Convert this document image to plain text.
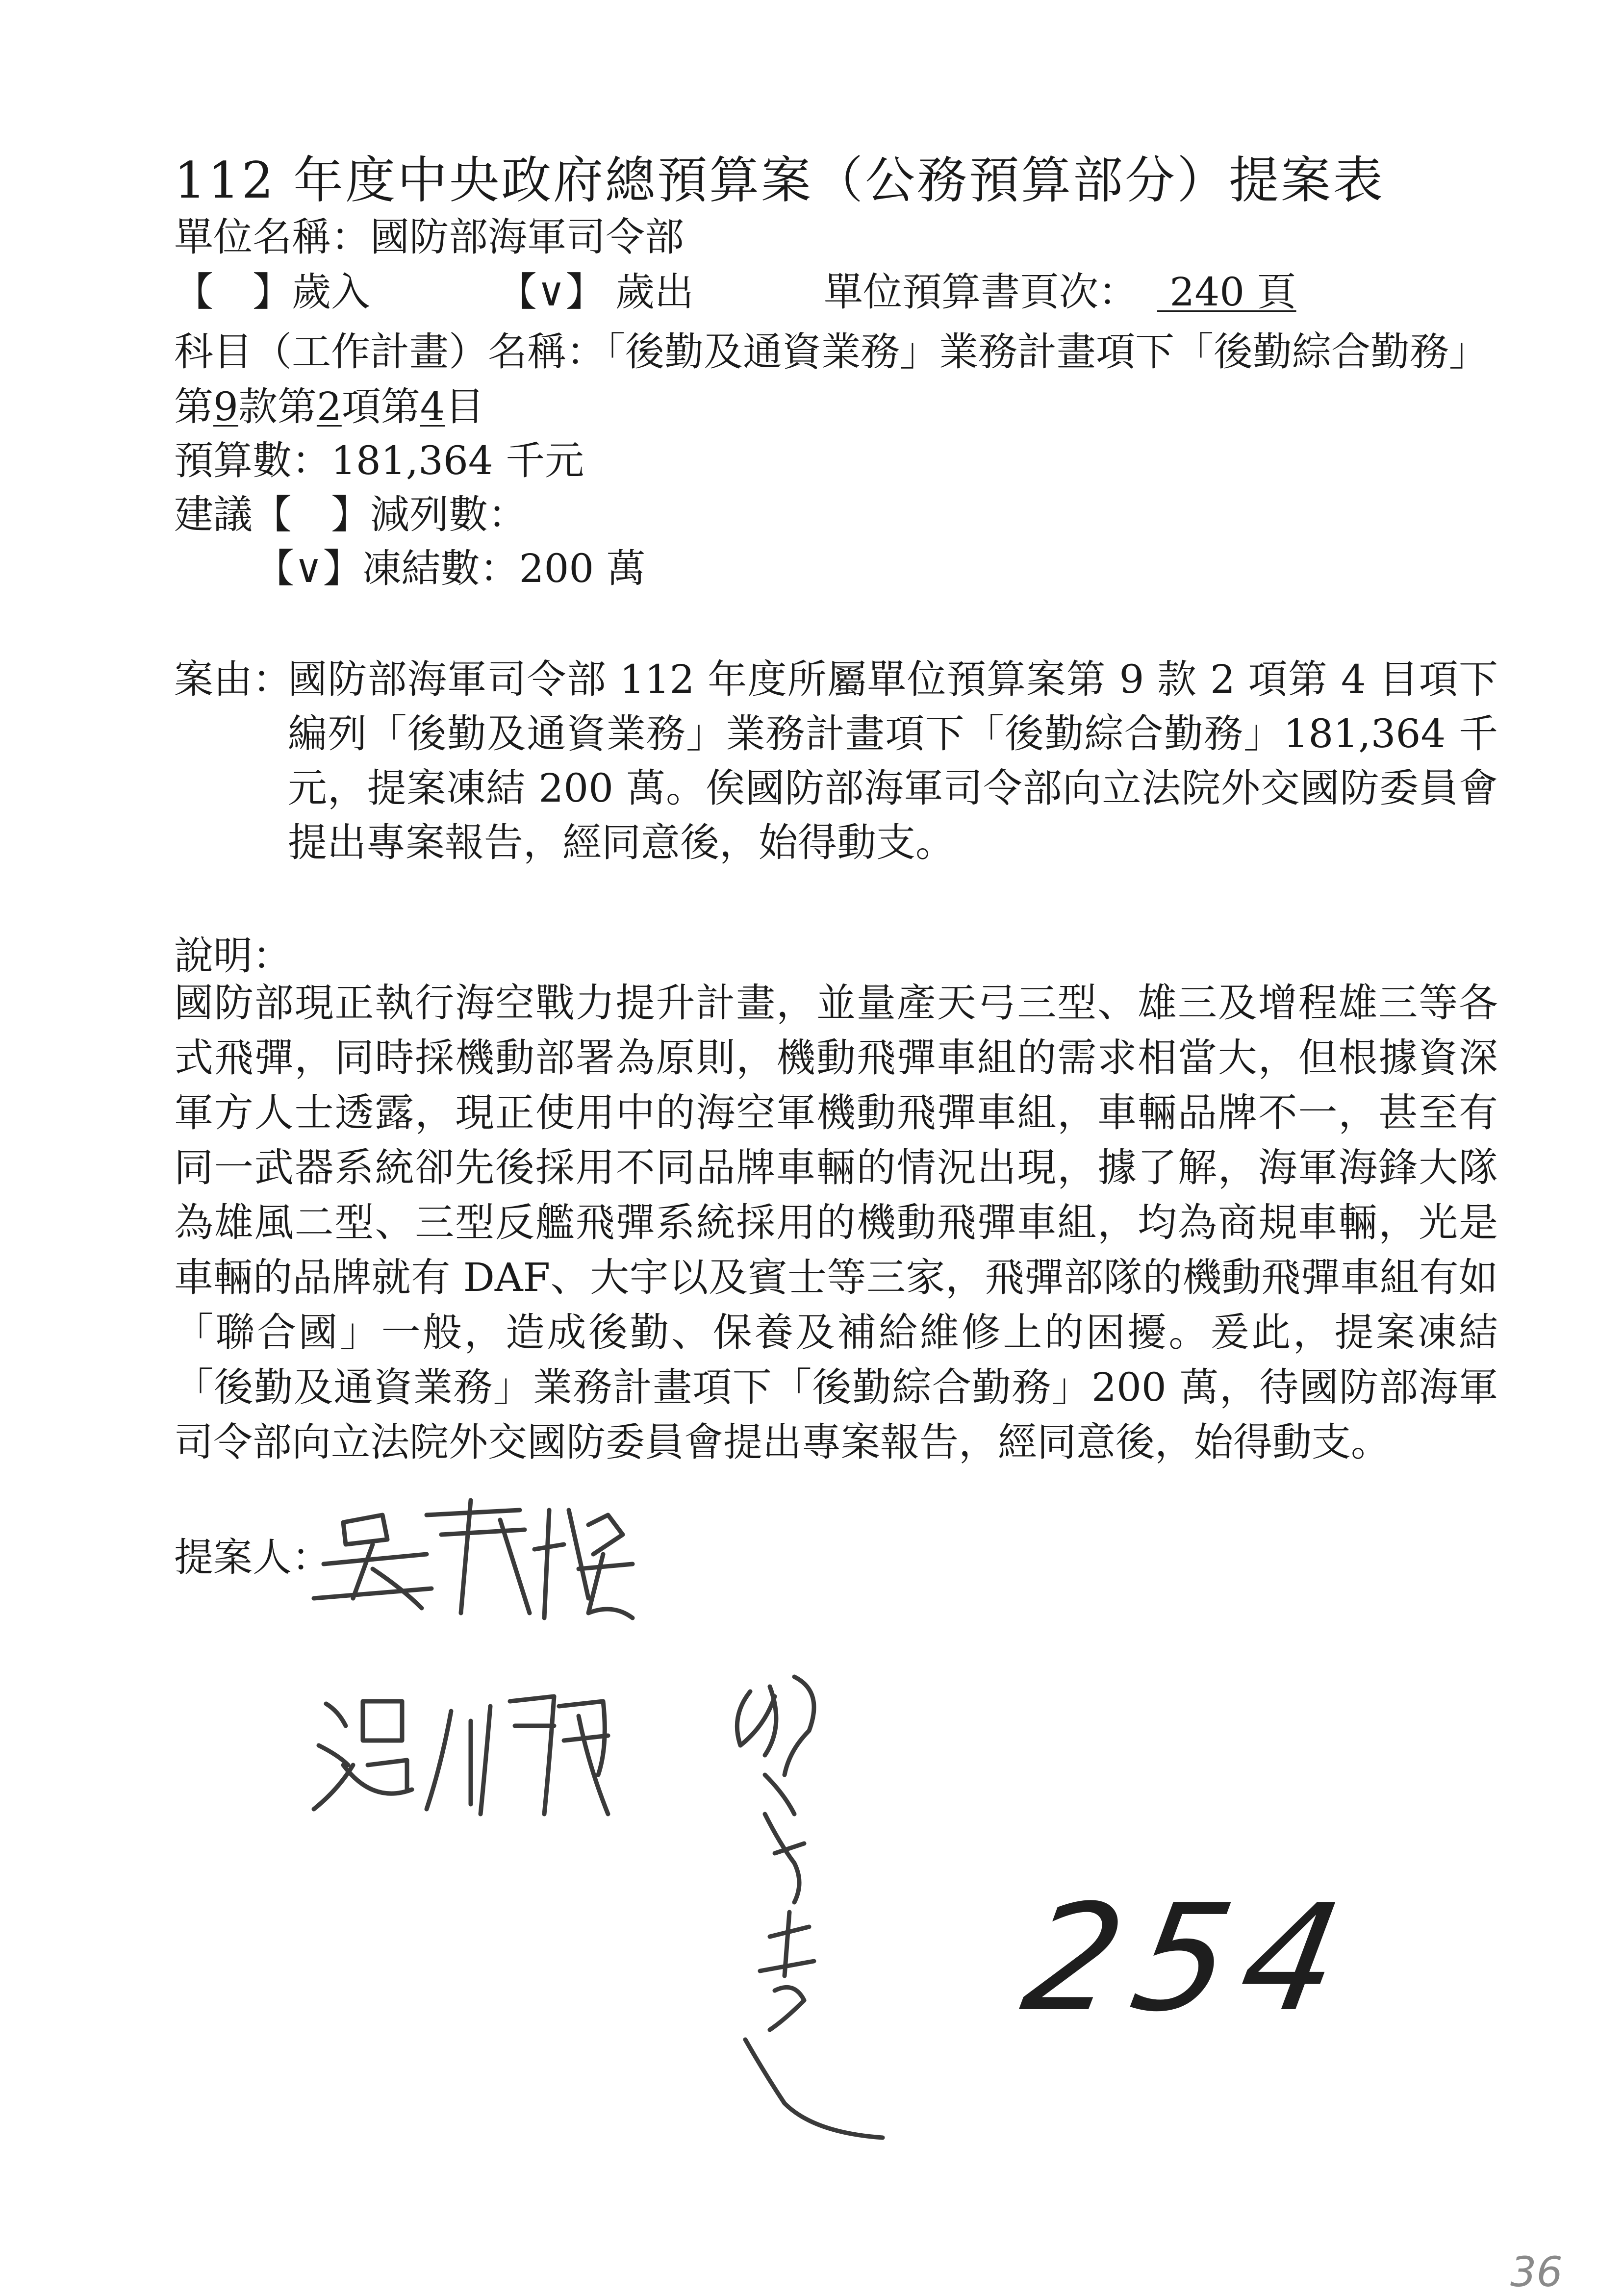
112 年度中央政府總預算案（公務預算部分）提案表
單位名稱：國防部海軍司令部

【　】

歲入

	【∨】

歲出

	單位預算書頁次：

240 頁

科目（工作計畫）名稱：「後勤及通資業務」業務計畫項下「後勤綜合勤務」
第9款第2項第4目
預算數：181,364 千元
建議【　】減列數：
【∨】凍結數：200 萬
案由：
國防部海軍司令部 112 年度所屬單位預算案第 9 款 2 項第 4 目項下編列「後勤及通資業務」業務計畫項下「後勤綜合勤務」181,364 千元，提案凍結 200 萬。俟國防部海軍司令部向立法院外交國防委員會提出專案報告，經同意後，始得動支。
說明：
國防部現正執行海空戰力提升計畫，並量產天弓三型、雄三及增程雄三等各式飛彈，同時採機動部署為原則，機動飛彈車組的需求相當大，但根據資深軍方人士透露，現正使用中的海空軍機動飛彈車組，車輛品牌不一，甚至有同一武器系統卻先後採用不同品牌車輛的情況出現，據了解，海軍海鋒大隊為雄風二型、三型反艦飛彈系統採用的機動飛彈車組，均為商規車輛，光是車輛的品牌就有 DAF、大宇以及賓士等三家，飛彈部隊的機動飛彈車組有如「聯合國」一般，造成後勤、保養及補給維修上的困擾。爰此，提案凍結「後勤及通資業務」業務計畫項下「後勤綜合勤務」200 萬，待國防部海軍司令部向立法院外交國防委員會提出專案報告，經同意後，始得動支。
提案人：
254
36
